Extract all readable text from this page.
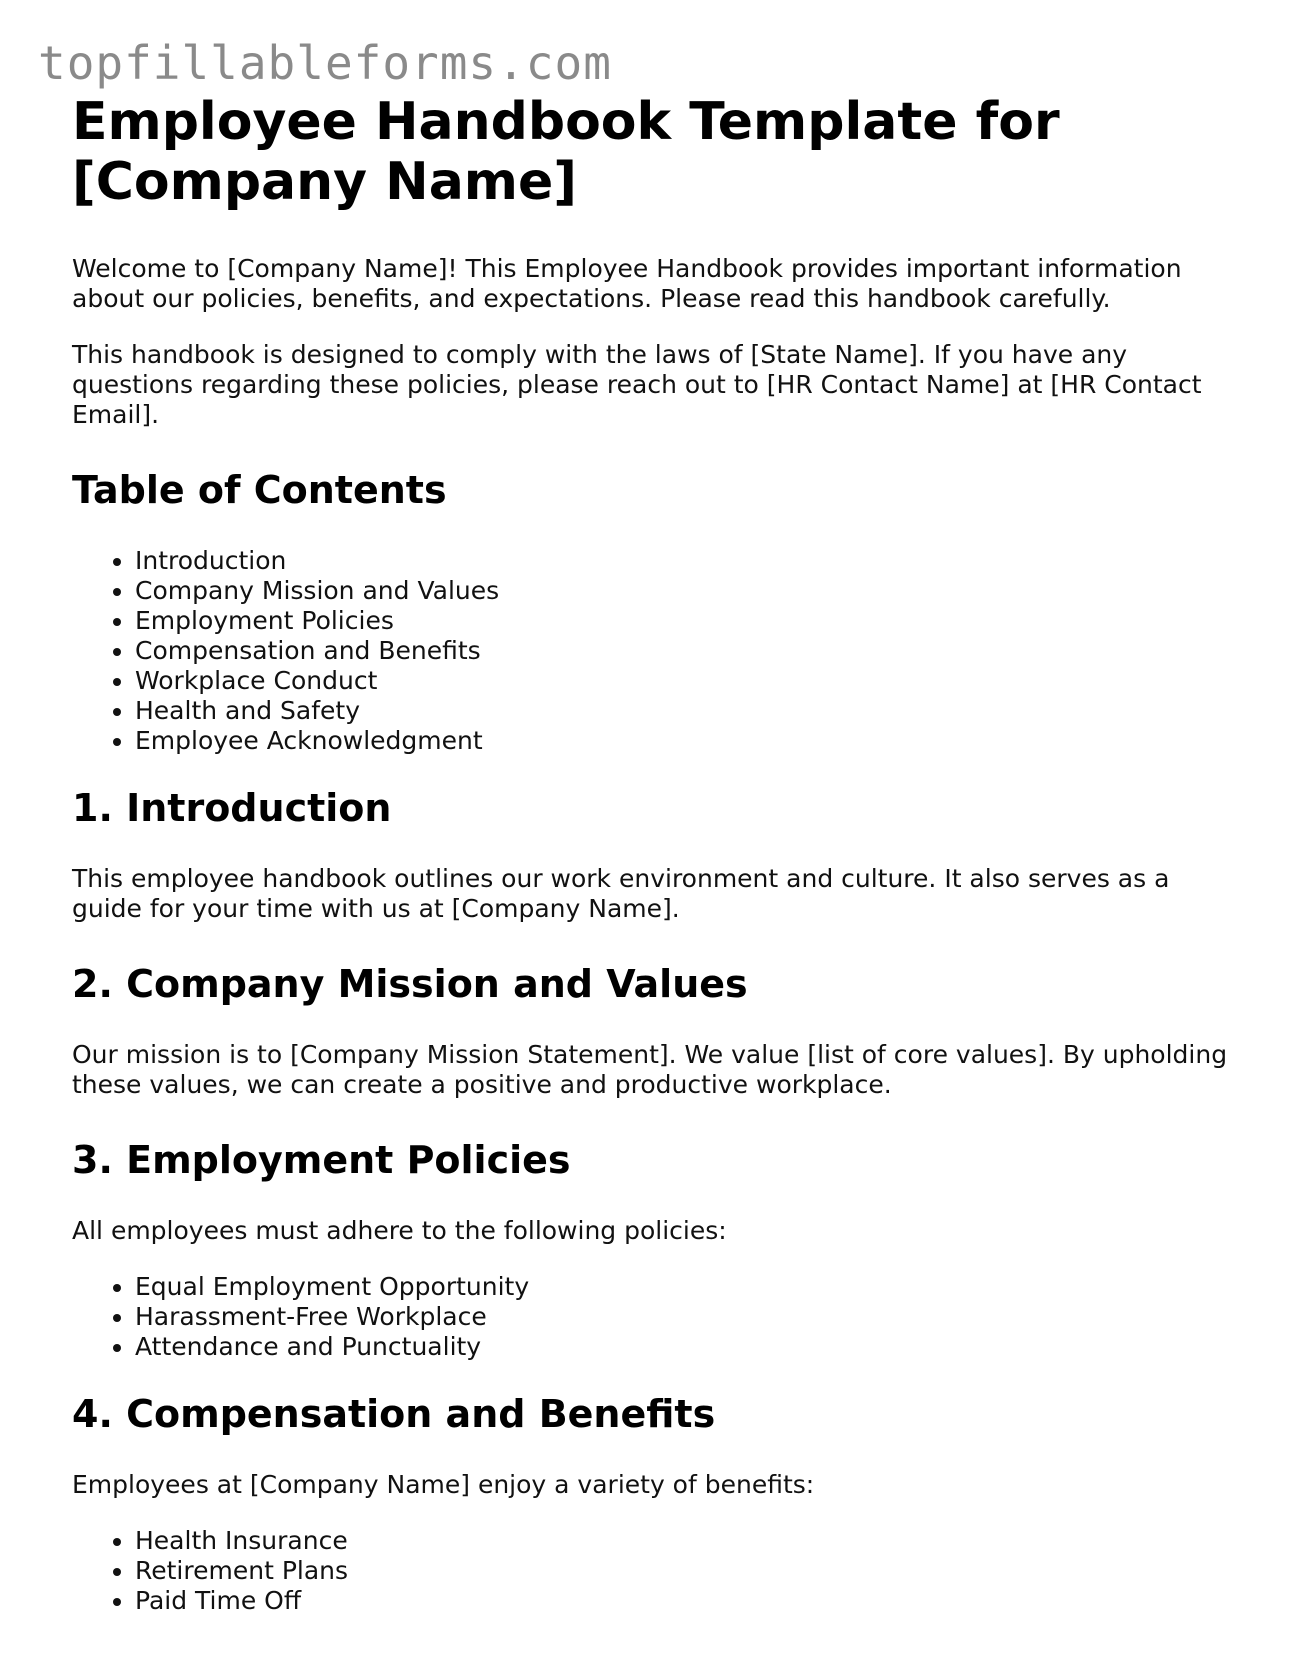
topfillableforms.com
Employee Handbook Template for [Company Name]

Welcome to [Company Name]! This Employee Handbook provides important information about our policies, benefits, and expectations. Please read this handbook carefully.

This handbook is designed to comply with the laws of [State Name]. If you have any questions regarding these policies, please reach out to [HR Contact Name] at [HR Contact Email].

Table of Contents
• Introduction
• Company Mission and Values
• Employment Policies
• Compensation and Benefits
• Workplace Conduct
• Health and Safety
• Employee Acknowledgment
1. Introduction

This employee handbook outlines our work environment and culture. It also serves as a guide for your time with us at [Company Name].

2. Company Mission and Values

Our mission is to [Company Mission Statement]. We value [list of core values]. By upholding these values, we can create a positive and productive workplace.

3. Employment Policies

All employees must adhere to the following policies:

• Equal Employment Opportunity
• Harassment-Free Workplace
• Attendance and Punctuality
4. Compensation and Benefits

Employees at [Company Name] enjoy a variety of benefits:

• Health Insurance
• Retirement Plans
• Paid Time Off
